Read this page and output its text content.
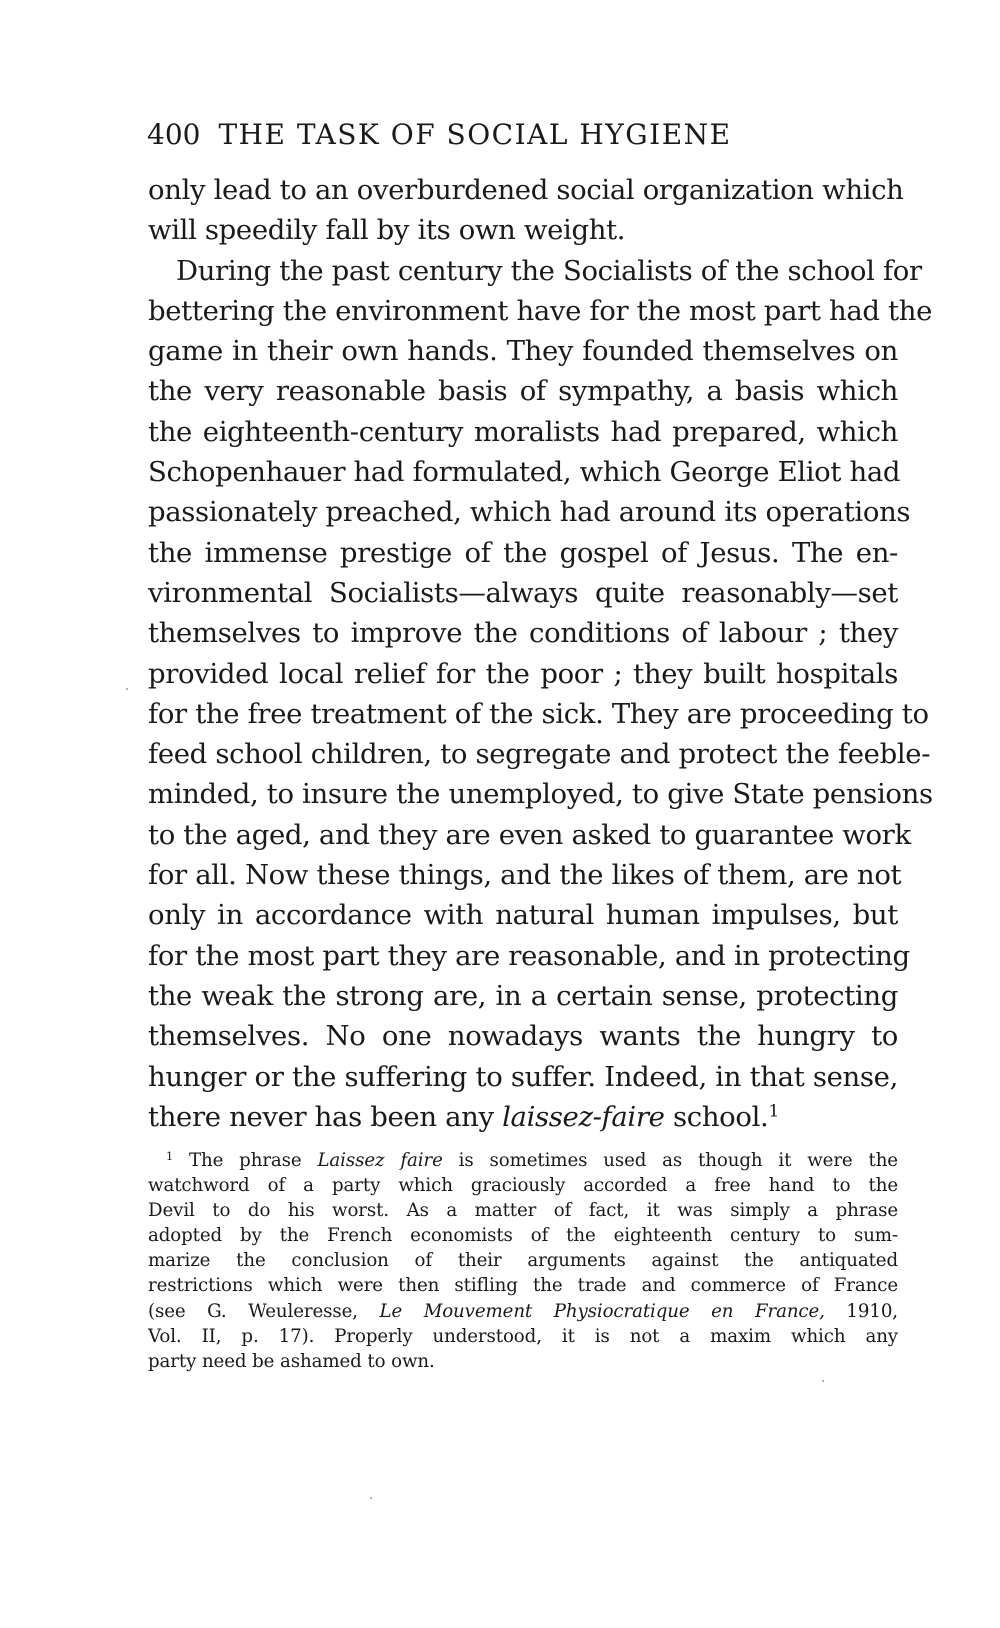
400 THE TASK OF SOCIAL HYGIENE
only lead to an overburdened social organization which
will speedily fall by its own weight.
During the past century the Socialists of the school for
bettering the environment have for the most part had the
game in their own hands. They founded themselves on
the very reasonable basis of sympathy, a basis which
the eighteenth-century moralists had prepared, which
Schopenhauer had formulated, which George Eliot had
passionately preached, which had around its operations
the immense prestige of the gospel of Jesus. The en-
vironmental Socialists—always quite reasonably—set
themselves to improve the conditions of labour ; they
provided local relief for the poor ; they built hospitals
for the free treatment of the sick. They are proceeding to
feed school children, to segregate and protect the feeble-
minded, to insure the unemployed, to give State pensions
to the aged, and they are even asked to guarantee work
for all. Now these things, and the likes of them, are not
only in accordance with natural human impulses, but
for the most part they are reasonable, and in protecting
the weak the strong are, in a certain sense, protecting
themselves. No one nowadays wants the hungry to
hunger or the suffering to suffer. Indeed, in that sense,
there never has been any laissez-faire school.$^1$
$^1$ The phrase Laissez faire is sometimes used as though it were the
watchword of a party which graciously accorded a free hand to the
Devil to do his worst. As a matter of fact, it was simply a phrase
adopted by the French economists of the eighteenth century to sum-
marize the conclusion of their arguments against the antiquated
restrictions which were then stifling the trade and commerce of France
(see G. Weuleresse, Le Mouvement Physiocratique en France, 1910,
Vol. II, p. 17). Properly understood, it is not a maxim which any
party need be ashamed to own.
